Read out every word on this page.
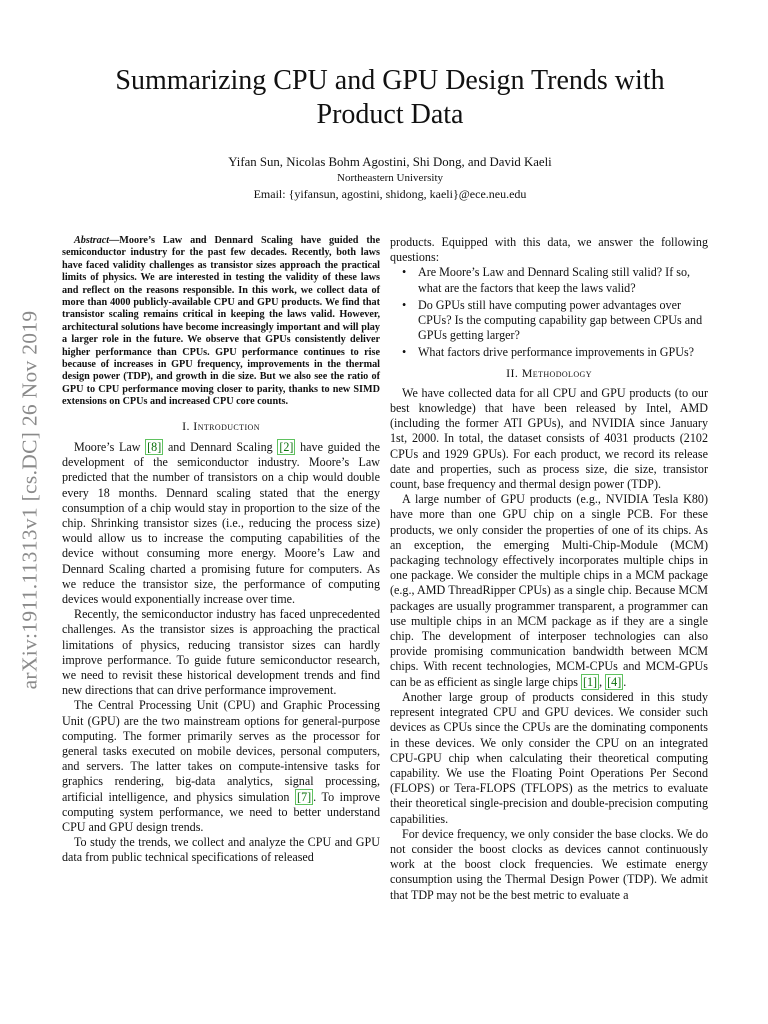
arXiv:1911.11313v1 [cs.DC] 26 Nov 2019
Summarizing CPU and GPU Design Trends with
Product Data
Yifan Sun, Nicolas Bohm Agostini, Shi Dong, and David Kaeli
Northeastern University
Email: {yifansun, agostini, shidong, kaeli}@ece.neu.edu

Abstract—Moore’s Law and Dennard Scaling have guided the semiconductor industry for the past few decades. Recently, both laws have faced validity challenges as transistor sizes approach the practical limits of physics. We are interested in testing the validity of these laws and reflect on the reasons responsible. In this work, we collect data of more than 4000 publicly-available CPU and GPU products. We find that transistor scaling remains critical in keeping the laws valid. However, architectural solutions have become increasingly important and will play a larger role in the future. We observe that GPUs consistently deliver higher performance than CPUs. GPU performance continues to rise because of increases in GPU frequency, improvements in the thermal design power (TDP), and growth in die size. But we also see the ratio of GPU to CPU performance moving closer to parity, thanks to new SIMD extensions on CPUs and increased CPU core counts.

I. Introduction

Moore’s Law [8] and Dennard Scaling [2] have guided the development of the semiconductor industry. Moore’s Law predicted that the number of transistors on a chip would double every 18 months. Dennard scaling stated that the energy consumption of a chip would stay in proportion to the size of the chip. Shrinking transistor sizes (i.e., reducing the process size) would allow us to increase the computing capabilities of the device without consuming more energy. Moore’s Law and Dennard Scaling charted a promising future for computers. As we reduce the transistor size, the performance of computing devices would exponentially increase over time.

Recently, the semiconductor industry has faced unprecedented challenges. As the transistor sizes is approaching the practical limitations of physics, reducing transistor sizes can hardly improve performance. To guide future semiconductor research, we need to revisit these historical development trends and find new directions that can drive performance improvement.

The Central Processing Unit (CPU) and Graphic Processing Unit (GPU) are the two mainstream options for general-purpose computing. The former primarily serves as the processor for general tasks executed on mobile devices, personal computers, and servers. The latter takes on compute-intensive tasks for graphics rendering, big-data analytics, signal processing, artificial intelligence, and physics simulation [7] . To improve computing system performance, we need to better understand CPU and GPU design trends.

To study the trends, we collect and analyze the CPU and GPU data from public technical specifications of released

products. Equipped with this data, we answer the following questions:

• Are Moore’s Law and Dennard Scaling still valid? If so, what are the factors that keep the laws valid?
• Do GPUs still have computing power advantages over CPUs? Is the computing capability gap between CPUs and GPUs getting larger?
• What factors drive performance improvements in GPUs?
II. Methodology

We have collected data for all CPU and GPU products (to our best knowledge) that have been released by Intel, AMD (including the former ATI GPUs), and NVIDIA since January 1st, 2000. In total, the dataset consists of 4031 products (2102 CPUs and 1929 GPUs). For each product, we record its release date and properties, such as process size, die size, transistor count, base frequency and thermal design power (TDP).

A large number of GPU products (e.g., NVIDIA Tesla K80) have more than one GPU chip on a single PCB. For these products, we only consider the properties of one of its chips. As an exception, the emerging Multi-Chip-Module (MCM) packaging technology effectively incorporates multiple chips in one package. We consider the multiple chips in a MCM package (e.g., AMD ThreadRipper CPUs) as a single chip. Because MCM packages are usually programmer transparent, a programmer can use multiple chips in an MCM package as if they are a single chip. The development of interposer technologies can also provide promising communication bandwidth between MCM chips. With recent technologies, MCM-CPUs and MCM-GPUs can be as efficient as single large chips [1] , [4] .

Another large group of products considered in this study represent integrated CPU and GPU devices. We consider such devices as CPUs since the CPUs are the dominating components in these devices. We only consider the CPU on an integrated CPU-GPU chip when calculating their theoretical computing capability. We use the Floating Point Operations Per Second (FLOPS) or Tera-FLOPS (TFLOPS) as the metrics to evaluate their theoretical single-precision and double-precision computing capabilities.

For device frequency, we only consider the base clocks. We do not consider the boost clocks as devices cannot continuously work at the boost clock frequencies. We estimate energy consumption using the Thermal Design Power (TDP). We admit that TDP may not be the best metric to evaluate a
